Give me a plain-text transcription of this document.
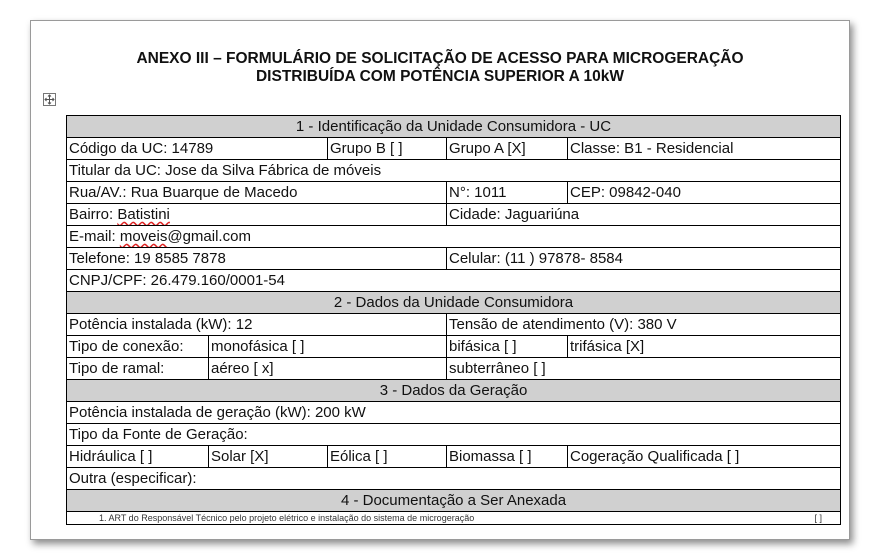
ANEXO III – FORMULÁRIO DE SOLICITAÇÃO DE ACESSO PARA MICROGERAÇÃO
DISTRIBUÍDA COM POTÊNCIA SUPERIOR A 10kW
1 - Identificação da Unidade Consumidora - UC				
Código da UC: 14789		Grupo B [ ]	Grupo A [X]	Classe: B1 - Residencial
Titular da UC: Jose da Silva Fábrica de móveis				
Rua/AV.: Rua Buarque de Macedo			N°: 1011	CEP: 09842-040
Bairro: Batistini			Cidade: Jaguariúna	
E-mail: moveis@gmail.com				
Telefone: 19 8585 7878			Celular: (11 ) 97878- 8584	
CNPJ/CPF: 26.479.160/0001-54				
2 - Dados da Unidade Consumidora				
Potência instalada (kW): 12			Tensão de atendimento (V): 380 V	
Tipo de conexão:	monofásica [ ]		bifásica [ ]	trifásica [X]
Tipo de ramal:	aéreo [ x]		subterrâneo [ ]	
3 - Dados da Geração				
Potência instalada de geração (kW): 200 kW				
Tipo da Fonte de Geração:				
Hidráulica [ ]	Solar [X]	Eólica [ ]	Biomassa [ ]	Cogeração Qualificada [ ]
Outra (especificar):				
4 - Documentação a Ser Anexada				

1. ART do Responsável Técnico pelo projeto elétrico e instalação do sistema de microgeração [ ]				
